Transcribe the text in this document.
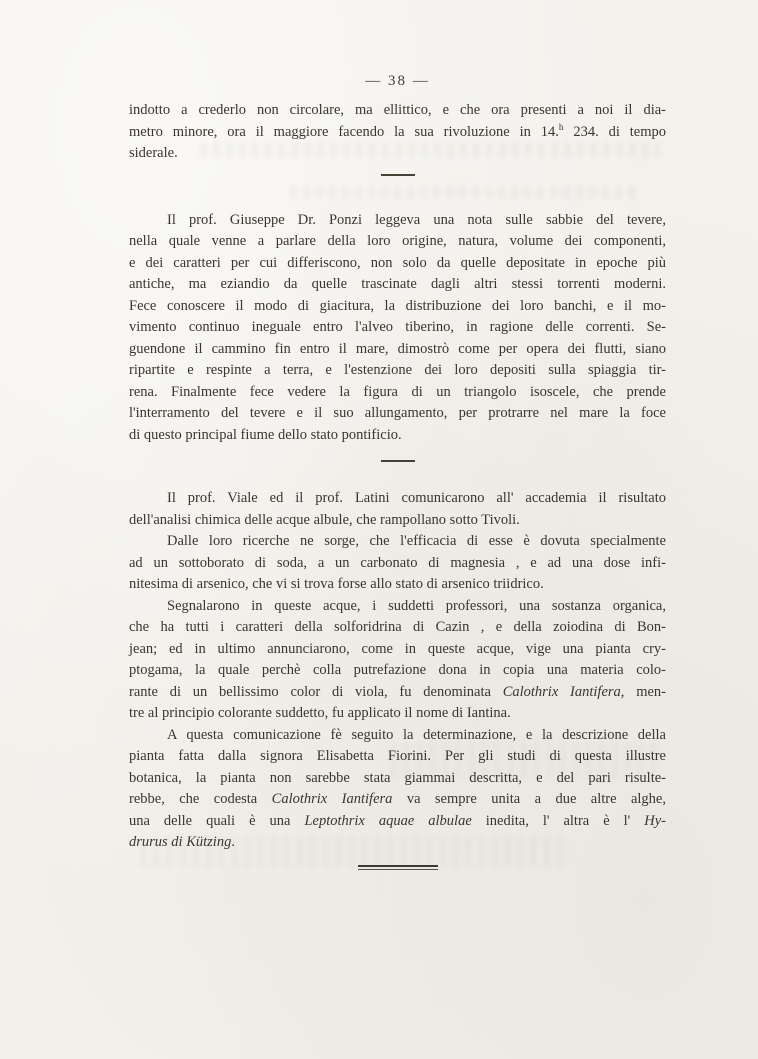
— 38 —
indotto a crederlo non circolare, ma ellittico, e che ora presenti a noi il dia-
metro minore, ora il maggiore facendo la sua rivoluzione in 14.$^h$ 234. di tempo
siderale.
Il prof. Giuseppe Dr. Ponzi leggeva una nota sulle sabbie del tevere,
nella quale venne a parlare della loro origine, natura, volume dei componenti,
e dei caratteri per cui differiscono, non solo da quelle depositate in epoche più
antiche, ma eziandio da quelle trascinate dagli altri stessi torrenti moderni.
Fece conoscere il modo di giacitura, la distribuzione dei loro banchi, e il mo-
vimento continuo ineguale entro l'alveo tiberino, in ragione delle correnti. Se-
guendone il cammino fin entro il mare, dimostrò come per opera dei flutti, siano
ripartite e respinte a terra, e l'estenzione dei loro depositi sulla spiaggia tir-
rena. Finalmente fece vedere la figura di un triangolo isoscele, che prende
l'interramento del tevere e il suo allungamento, per protrarre nel mare la foce
di questo principal fiume dello stato pontificio.
Il prof. Viale ed il prof. Latini comunicarono all' accademia il risultato
dell'analisi chimica delle acque albule, che rampollano sotto Tivoli.
Dalle loro ricerche ne sorge, che l'efficacia di esse è dovuta specialmente
ad un sottoborato di soda, a un carbonato di magnesia , e ad una dose infi-
nitesima di arsenico, che vi si trova forse allo stato di arsenico triidrico.
Segnalarono in queste acque, i suddetti professori, una sostanza organica,
che ha tutti i caratteri della solforidrina di Cazin , e della zoiodina di Bon-
jean; ed in ultimo annunciarono, come in queste acque, vige una pianta cry-
ptogama, la quale perchè colla putrefazione dona in copia una materia colo-
rante di un bellissimo color di viola, fu denominata Calothrix Iantifera, men-
tre al principio colorante suddetto, fu applicato il nome di Iantina.
A questa comunicazione fè seguito la determinazione, e la descrizione della
pianta fatta dalla signora Elisabetta Fiorini. Per gli studi di questa illustre
botanica, la pianta non sarebbe stata giammai descritta, e del pari risulte-
rebbe, che codesta Calothrix Iantifera va sempre unita a due altre alghe,
una delle quali è una Leptothrix aquae albulae inedita, l' altra è l' Hy-
drurus di Kützing.
